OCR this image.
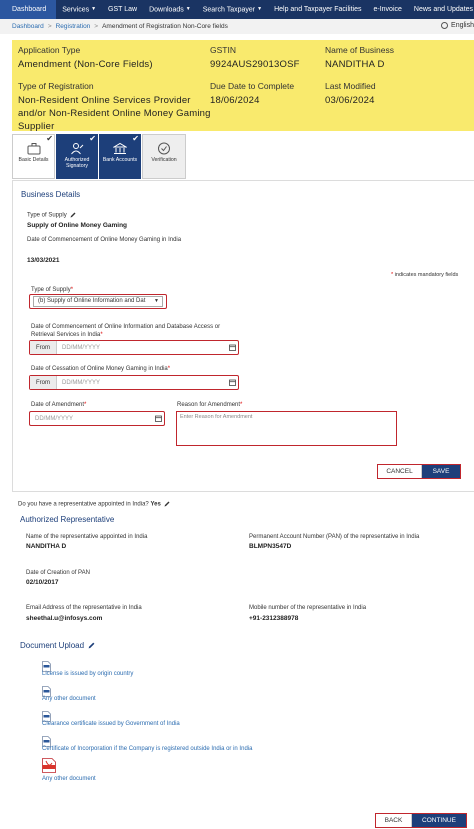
Dashboard	Services ▼	GST Law	Downloads ▼	Search Taxpayer ▼	Help and Taxpayer Facilities	e-Invoice	News and Updates
Dashboard > Registration > Amendment of Registration Non-Core fields	English
Application Type
Amendment (Non-Core Fields)
GSTIN
9924AUS29013OSF
Name of Business
NANDITHA D
Type of Registration
Non-Resident Online Services Provider
and/or Non-Resident Online Money Gaming
Supplier
Due Date to Complete
18/06/2024
Last Modified
03/06/2024
✔
Basic Details
✔
Authorized Signatory
✔
Bank Accounts	Verification
Business Details
Type of Supply
Supply of Online Money Gaming
Date of Commencement of Online Money Gaming in India
13/03/2021
* indicates mandatory fields
Type of Supply*
(b) Supply of Online Information and Dat ▼
Date of Commencement of Online Information and Database Access or
Retrieval Services in India*
From	DD/MM/YYYY
Date of Cessation of Online Money Gaming in India*
From	DD/MM/YYYY
Date of Amendment*
DD/MM/YYYY
Reason for Amendment*
Enter Reason for Amendment
CANCEL	SAVE
Do you have a representative appointed in India? Yes
Authorized Representative
Name of the representative appointed in India
NANDITHA D
Permanent Account Number (PAN) of the representative in India
BLMPN3547D
Date of Creation of PAN
02/10/2017
Email Address of the representative in India
sheethal.u@infosys.com
Mobile number of the representative in India
+91-2312388978
Document Upload
License is issued by origin country
Any other document
Clearance certificate issued by Government of India
Certificate of Incorporation if the Company is registered outside India or in India
Any other document
BACK	CONTINUE
